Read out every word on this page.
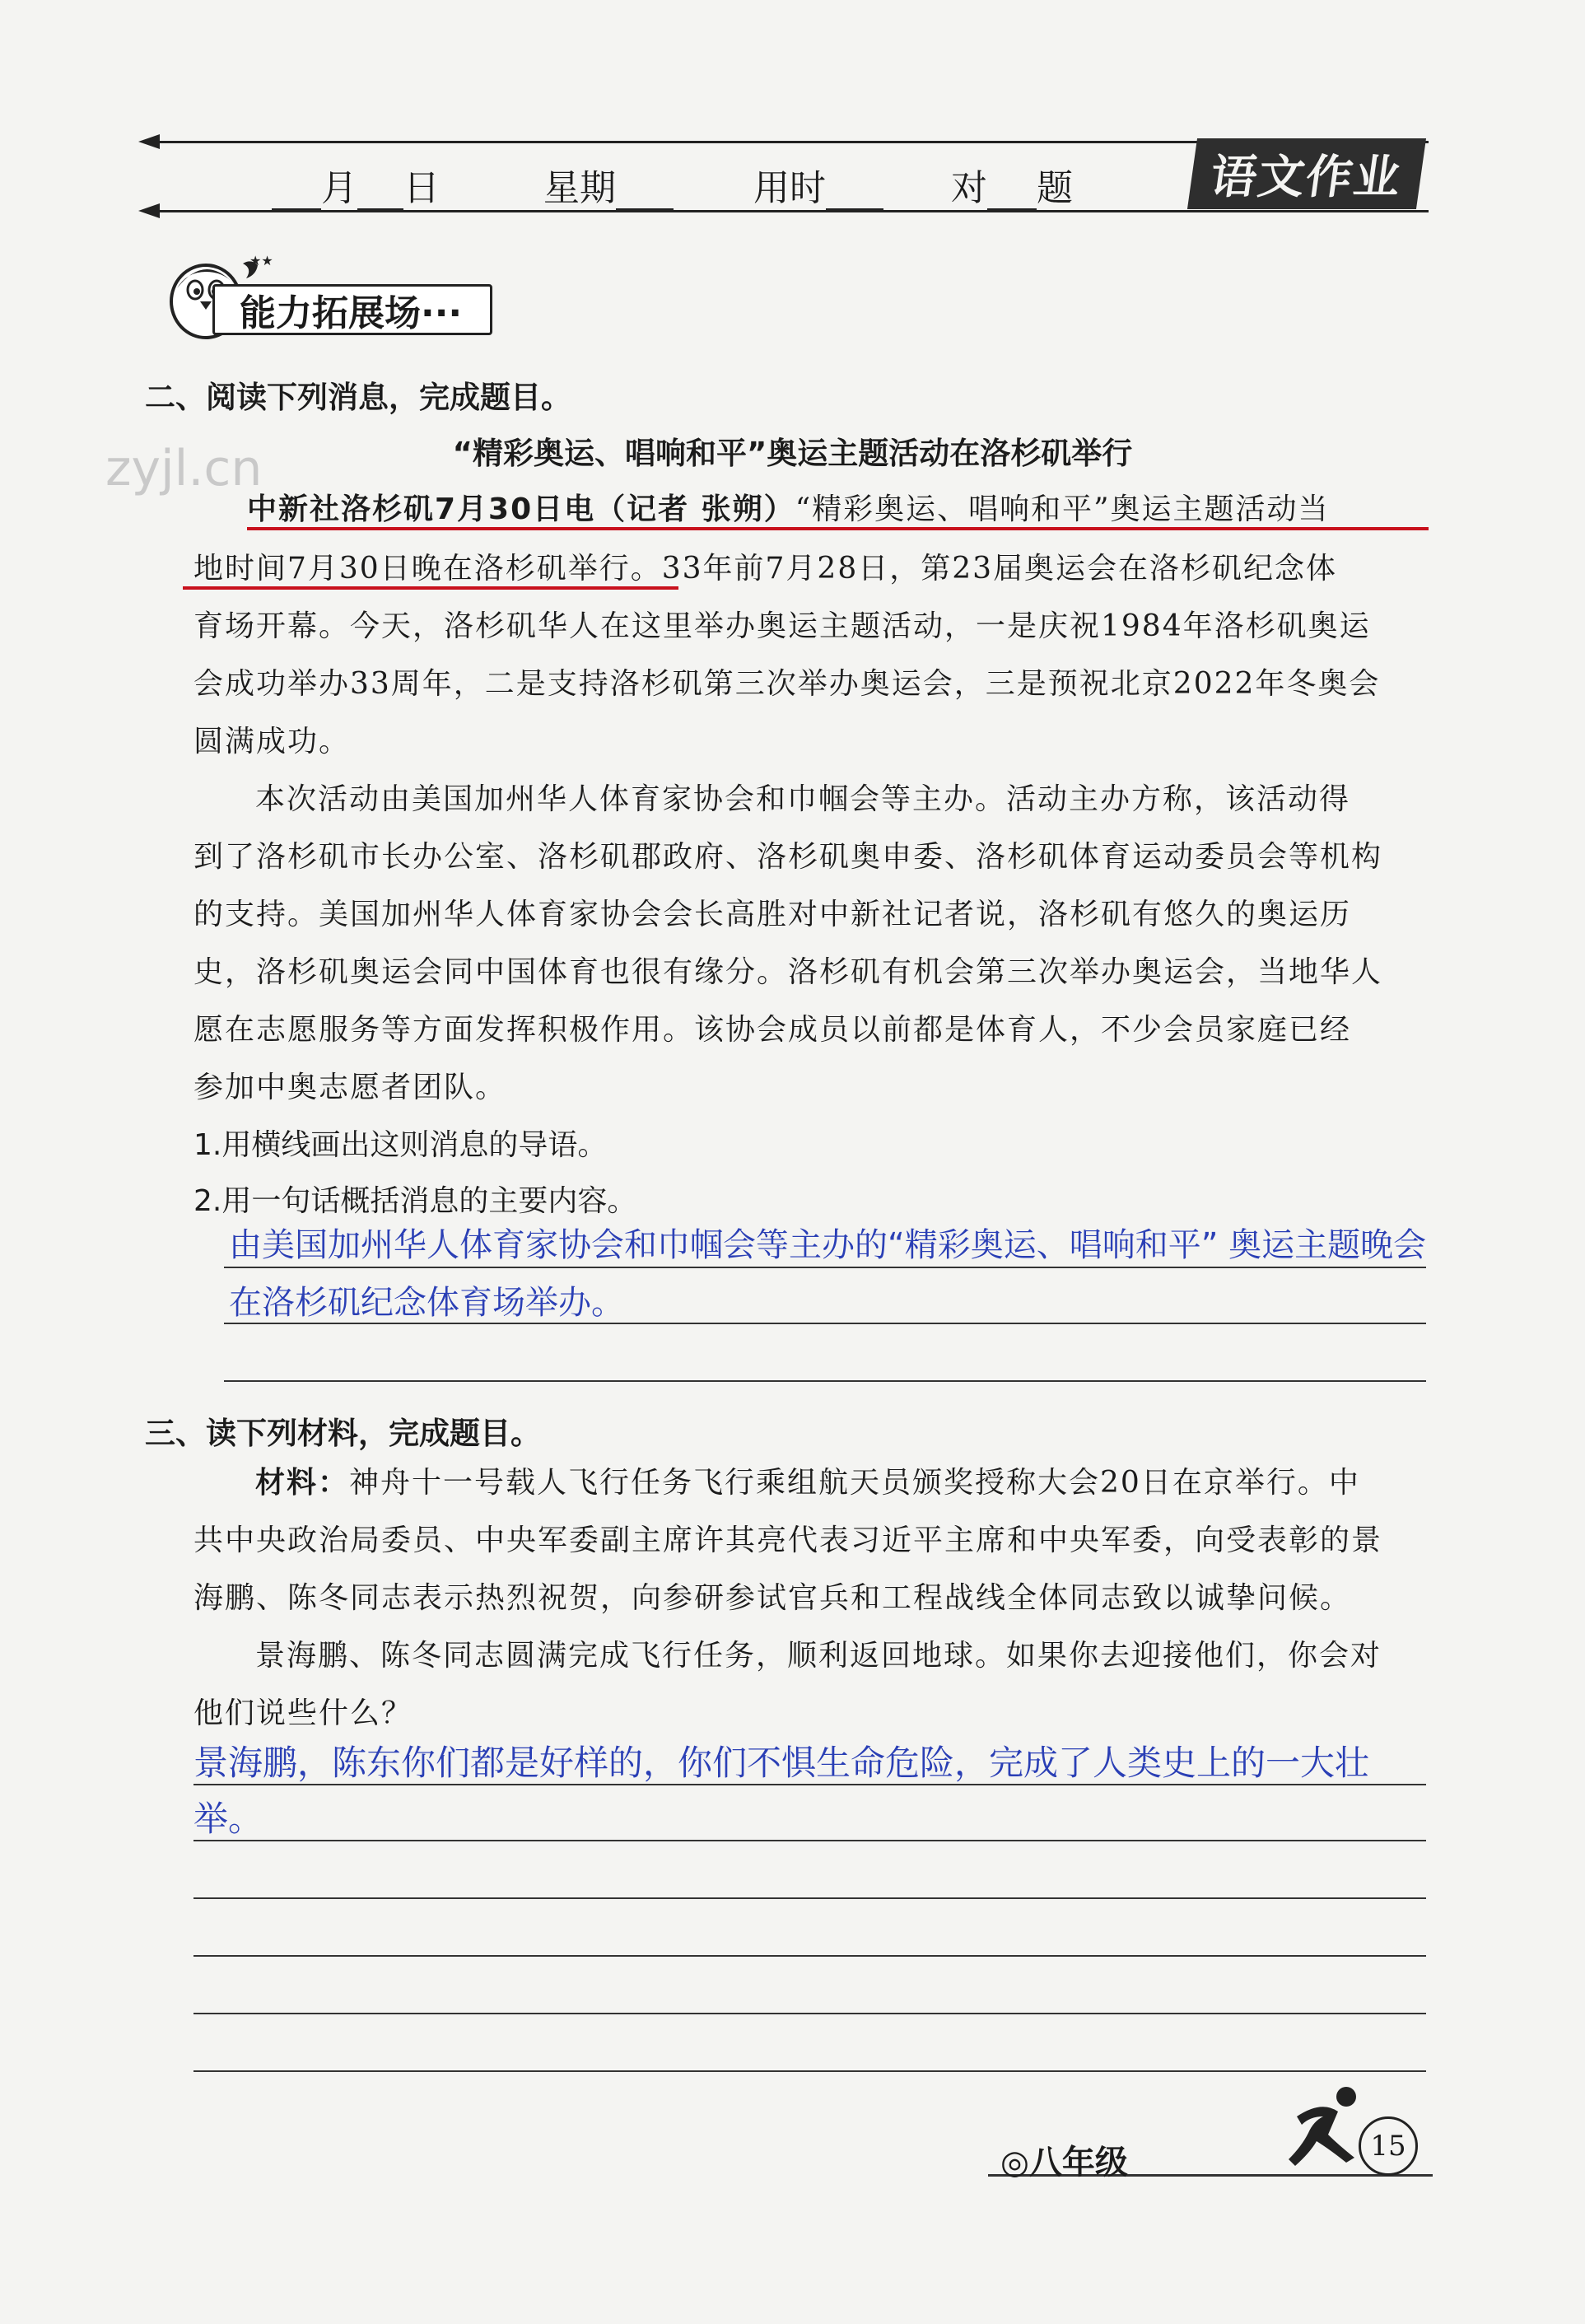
月 日	星期	用时	对 题	语文作业
★★
能力拓展场···
zyjl.cn
二、阅读下列消息，完成题目。
“精彩奥运、唱响和平”奥运主题活动在洛杉矶举行
中新社洛杉矶7月30日电（记者 张朔）“精彩奥运、唱响和平”奥运主题活动当
地时间7月30日晚在洛杉矶举行。33年前7月28日，第23届奥运会在洛杉矶纪念体
育场开幕。今天，洛杉矶华人在这里举办奥运主题活动，一是庆祝1984年洛杉矶奥运
会成功举办33周年，二是支持洛杉矶第三次举办奥运会，三是预祝北京2022年冬奥会
圆满成功。
本次活动由美国加州华人体育家协会和巾帼会等主办。活动主办方称，该活动得
到了洛杉矶市长办公室、洛杉矶郡政府、洛杉矶奥申委、洛杉矶体育运动委员会等机构
的支持。美国加州华人体育家协会会长高胜对中新社记者说，洛杉矶有悠久的奥运历
史，洛杉矶奥运会同中国体育也很有缘分。洛杉矶有机会第三次举办奥运会，当地华人
愿在志愿服务等方面发挥积极作用。该协会成员以前都是体育人，不少会员家庭已经
参加中奥志愿者团队。
1.用横线画出这则消息的导语。
2.用一句话概括消息的主要内容。
由美国加州华人体育家协会和巾帼会等主办的“精彩奥运、唱响和平” 奥运主题晚会
在洛杉矶纪念体育场举办。
三、读下列材料，完成题目。
材料：神舟十一号载人飞行任务飞行乘组航天员颁奖授称大会20日在京举行。中
共中央政治局委员、中央军委副主席许其亮代表习近平主席和中央军委，向受表彰的景
海鹏、陈冬同志表示热烈祝贺，向参研参试官兵和工程战线全体同志致以诚挚问候。
景海鹏、陈冬同志圆满完成飞行任务，顺利返回地球。如果你去迎接他们，你会对
他们说些什么？
景海鹏，陈东你们都是好样的，你们不惧生命危险，完成了人类史上的一大壮
举。
◎八年级	15
